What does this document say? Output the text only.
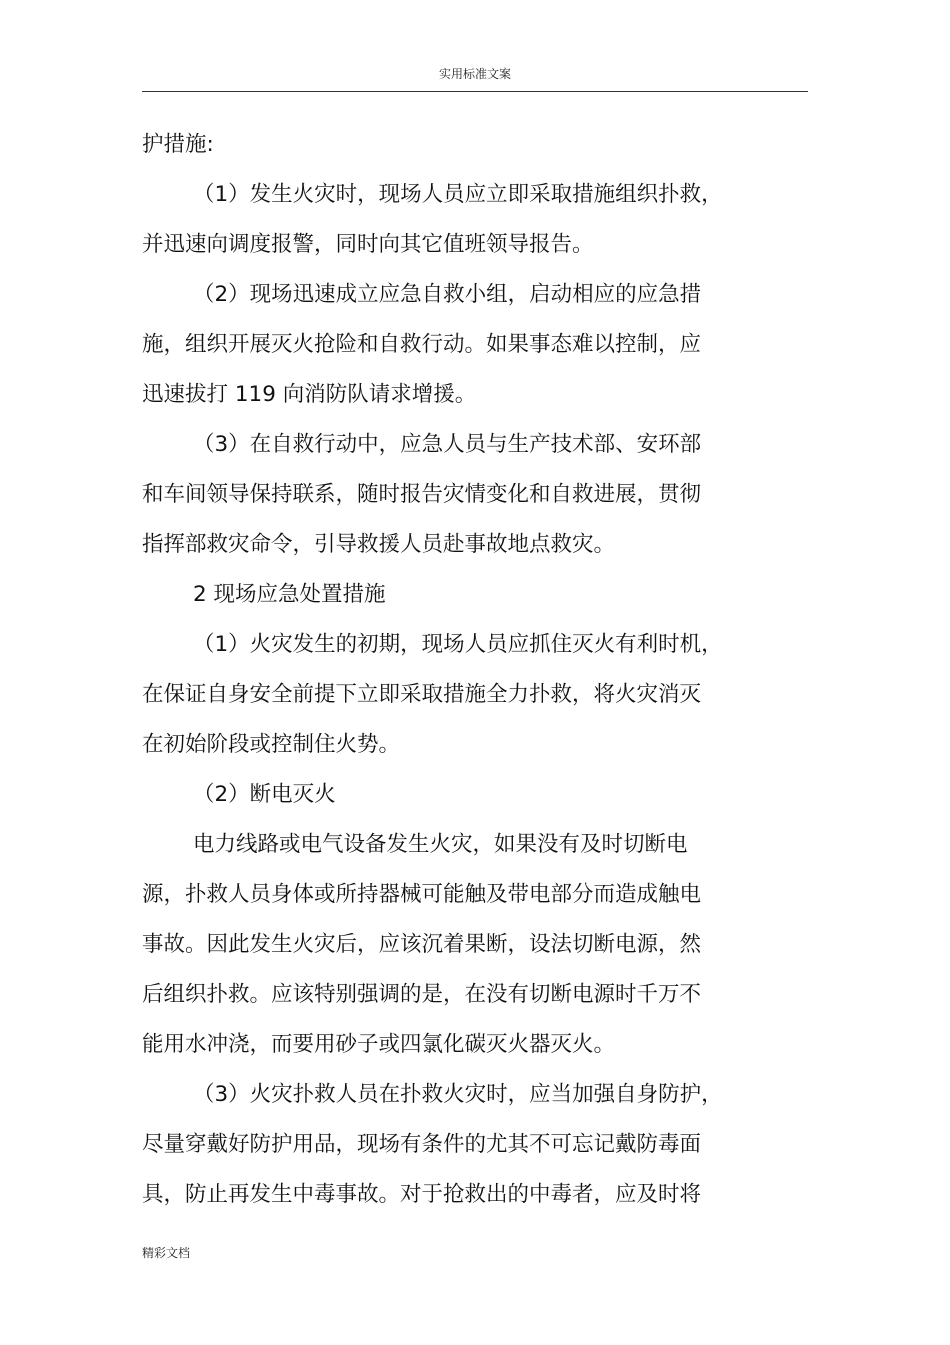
实用标准文案
护措施:
（1）发生火灾时，现场人员应立即采取措施组织扑救，
并迅速向调度报警，同时向其它值班领导报告。
（2）现场迅速成立应急自救小组，启动相应的应急措
施，组织开展灭火抢险和自救行动。如果事态难以控制，应
迅速拔打 119 向消防队请求增援。
（3）在自救行动中，应急人员与生产技术部、安环部
和车间领导保持联系，随时报告灾情变化和自救进展，贯彻
指挥部救灾命令，引导救援人员赴事故地点救灾。
2 现场应急处置措施
（1）火灾发生的初期，现场人员应抓住灭火有利时机，
在保证自身安全前提下立即采取措施全力扑救，将火灾消灭
在初始阶段或控制住火势。
（2）断电灭火
电力线路或电气设备发生火灾，如果没有及时切断电
源，扑救人员身体或所持器械可能触及带电部分而造成触电
事故。因此发生火灾后，应该沉着果断，设法切断电源，然
后组织扑救。应该特别强调的是，在没有切断电源时千万不
能用水冲浇，而要用砂子或四氯化碳灭火器灭火。
（3）火灾扑救人员在扑救火灾时，应当加强自身防护，
尽量穿戴好防护用品，现场有条件的尤其不可忘记戴防毒面
具，防止再发生中毒事故。对于抢救出的中毒者，应及时将
精彩文档
